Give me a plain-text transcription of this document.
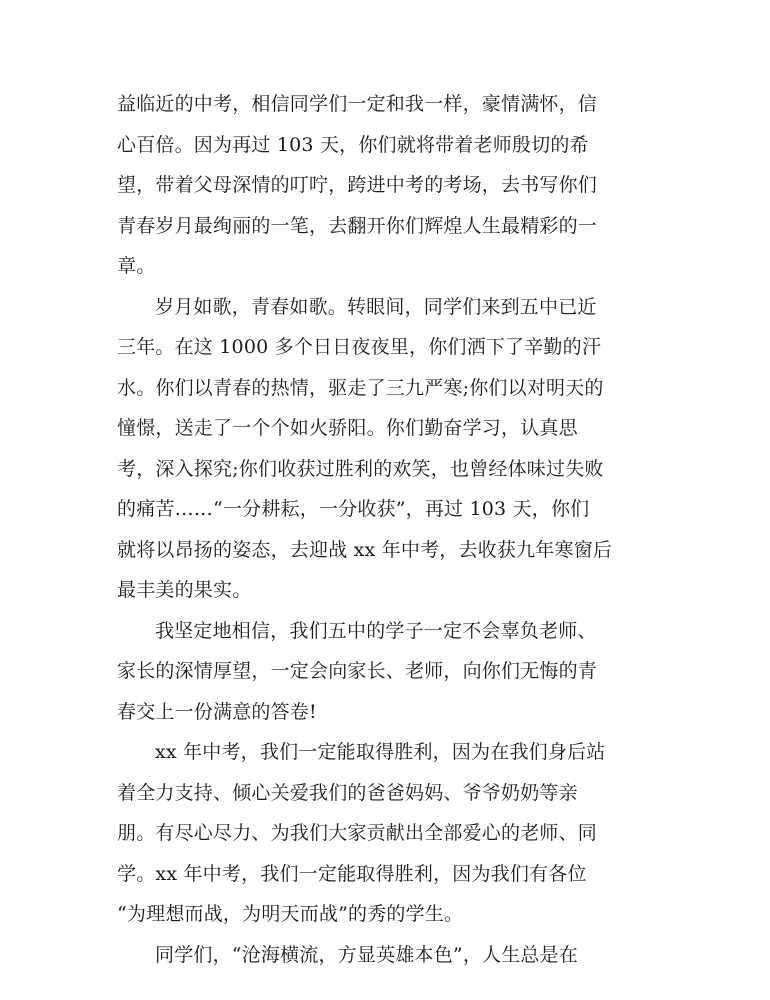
益临近的中考，相信同学们一定和我一样，豪情满怀，信
心百倍。因为再过 103 天，你们就将带着老师殷切的希
望，带着父母深情的叮咛，跨进中考的考场，去书写你们
青春岁月最绚丽的一笔，去翻开你们辉煌人生最精彩的一
章。
岁月如歌，青春如歌。转眼间，同学们来到五中已近
三年。在这 1000 多个日日夜夜里，你们洒下了辛勤的汗
水。你们以青春的热情，驱走了三九严寒;你们以对明天的
憧憬，送走了一个个如火骄阳。你们勤奋学习，认真思
考，深入探究;你们收获过胜利的欢笑，也曾经体味过失败
的痛苦……“一分耕耘，一分收获”，再过 103 天，你们
就将以昂扬的姿态，去迎战 xx 年中考，去收获九年寒窗后
最丰美的果实。
我坚定地相信，我们五中的学子一定不会辜负老师、
家长的深情厚望，一定会向家长、老师，向你们无悔的青
春交上一份满意的答卷!
xx 年中考，我们一定能取得胜利，因为在我们身后站
着全力支持、倾心关爱我们的爸爸妈妈、爷爷奶奶等亲
朋。有尽心尽力、为我们大家贡献出全部爱心的老师、同
学。xx 年中考，我们一定能取得胜利，因为我们有各位
“为理想而战，为明天而战”的秀的学生。
同学们，“沧海横流，方显英雄本色”，人生总是在
